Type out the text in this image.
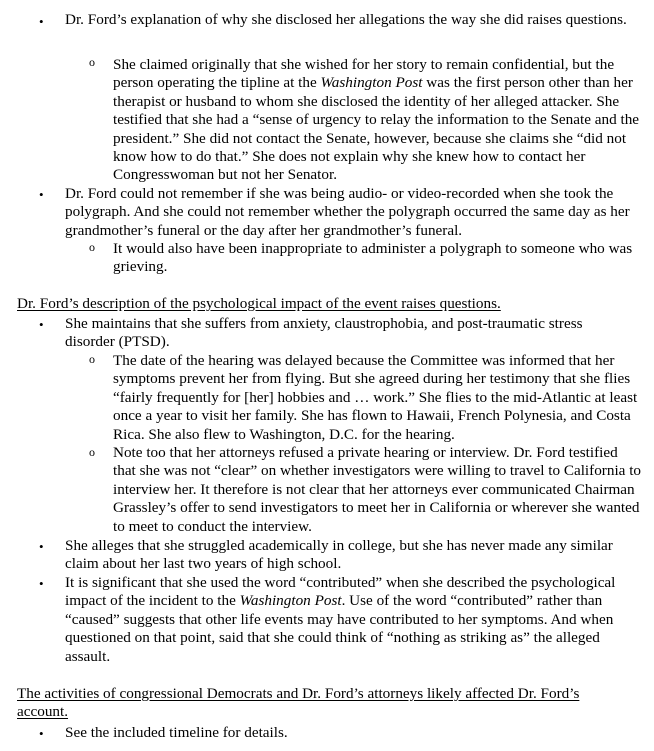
• Dr. Ford’s explanation of why she disclosed her allegations the way she did raises questions.
o She claimed originally that she wished for her story to remain confidential, but the person operating the tipline at the Washington Post was the first person other than her therapist or husband to whom she disclosed the identity of her alleged attacker. She testified that she had a “sense of urgency to relay the information to the Senate and the president.” She did not contact the Senate, however, because she claims she “did not know how to do that.” She does not explain why she knew how to contact her Congresswoman but not her Senator.
• Dr. Ford could not remember if she was being audio- or video-recorded when she took the polygraph. And she could not remember whether the polygraph occurred the same day as her grandmother’s funeral or the day after her grandmother’s funeral.
o It would also have been inappropriate to administer a polygraph to someone who was grieving.
Dr. Ford’s description of the psychological impact of the event raises questions.
• She maintains that she suffers from anxiety, claustrophobia, and post-traumatic stress disorder (PTSD).
o The date of the hearing was delayed because the Committee was informed that her symptoms prevent her from flying. But she agreed during her testimony that she flies “fairly frequently for [her] hobbies and … work.” She flies to the mid-Atlantic at least once a year to visit her family. She has flown to Hawaii, French Polynesia, and Costa Rica. She also flew to Washington, D.C. for the hearing.
o Note too that her attorneys refused a private hearing or interview. Dr. Ford testified that she was not “clear” on whether investigators were willing to travel to California to interview her. It therefore is not clear that her attorneys ever communicated Chairman Grassley’s offer to send investigators to meet her in California or wherever she wanted to meet to conduct the interview.
• She alleges that she struggled academically in college, but she has never made any similar claim about her last two years of high school.
• It is significant that she used the word “contributed” when she described the psychological impact of the incident to the Washington Post. Use of the word “contributed” rather than “caused” suggests that other life events may have contributed to her symptoms. And when questioned on that point, said that she could think of “nothing as striking as” the alleged assault.
The activities of congressional Democrats and Dr. Ford’s attorneys likely affected Dr. Ford’s account.
• See the included timeline for details.
